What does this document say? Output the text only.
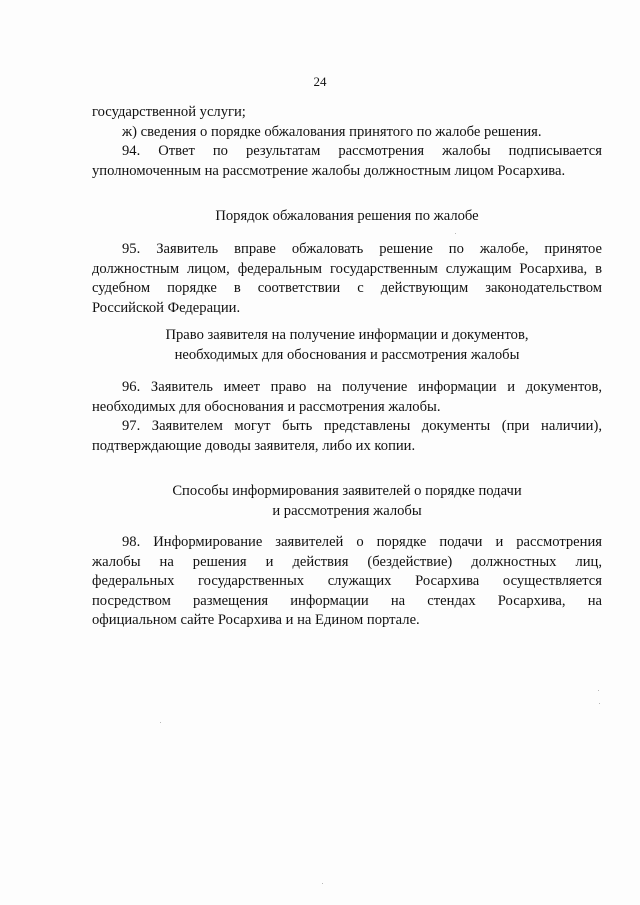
24
государственной услуги;
ж) сведения о порядке обжалования принятого по жалобе решения.
94. Ответ по результатам рассмотрения жалобы подписывается
уполномоченным на рассмотрение жалобы должностным лицом Росархива.
Порядок обжалования решения по жалобе
95. Заявитель вправе обжаловать решение по жалобе, принятое
должностным лицом, федеральным государственным служащим Росархива, в
судебном порядке в соответствии с действующим законодательством
Российской Федерации.
Право заявителя на получение информации и документов,
необходимых для обоснования и рассмотрения жалобы
96. Заявитель имеет право на получение информации и документов,
необходимых для обоснования и рассмотрения жалобы.
97. Заявителем могут быть представлены документы (при наличии),
подтверждающие доводы заявителя, либо их копии.
Способы информирования заявителей о порядке подачи
и рассмотрения жалобы
98. Информирование заявителей о порядке подачи и рассмотрения
жалобы на решения и действия (бездействие) должностных лиц,
федеральных государственных служащих Росархива осуществляется
посредством размещения информации на стендах Росархива, на
официальном сайте Росархива и на Едином портале.
